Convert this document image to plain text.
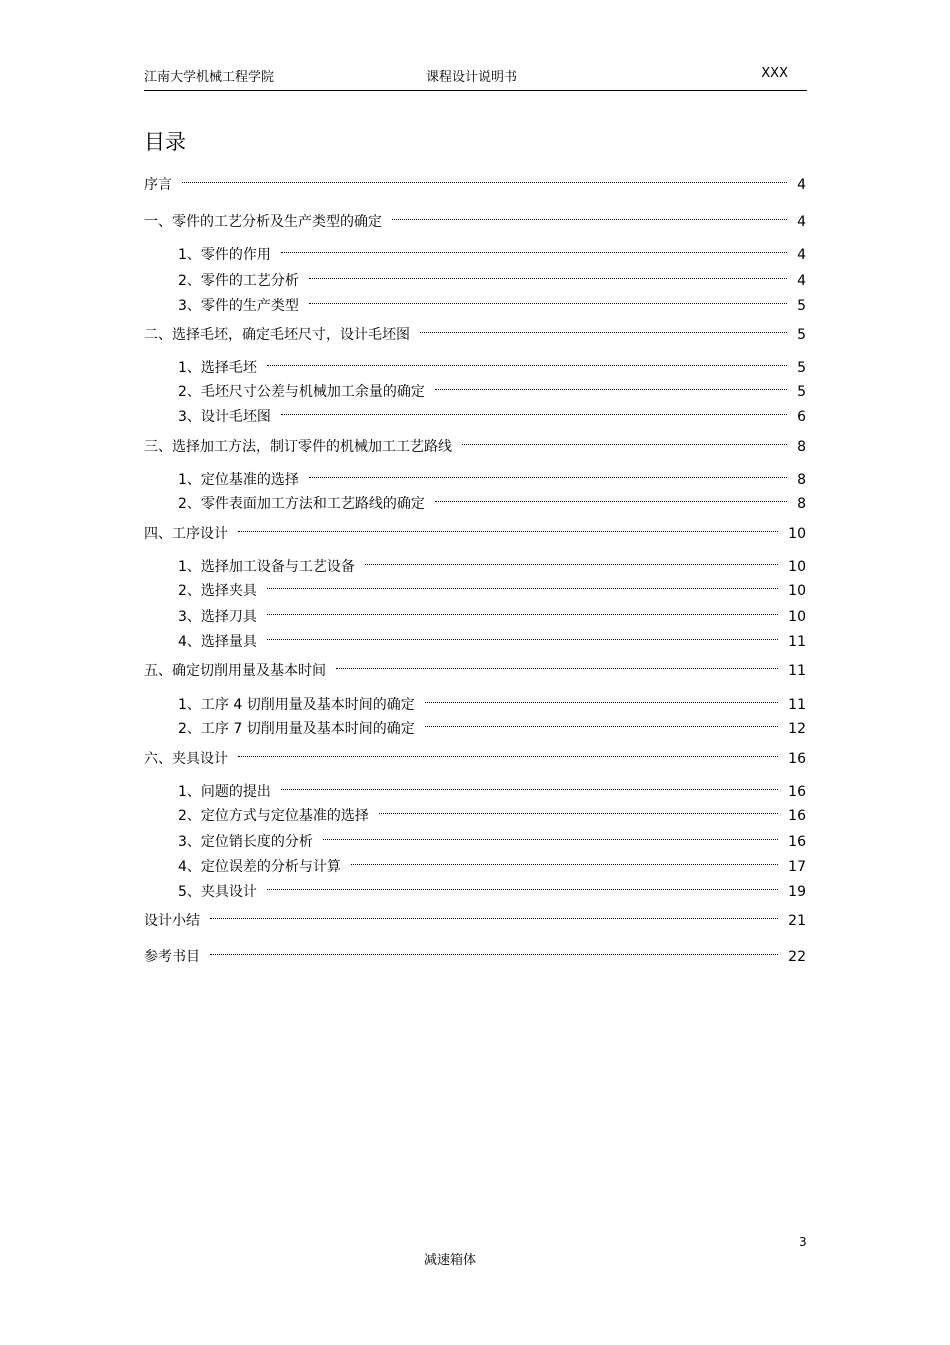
江南大学机械工程学院	课程设计说明书	XXX
目录
序言	4
一、零件的工艺分析及生产类型的确定	4
1、零件的作用	4
2、零件的工艺分析	4
3、零件的生产类型	5
二、选择毛坯，确定毛坯尺寸，设计毛坯图	5
1、选择毛坯	5
2、毛坯尺寸公差与机械加工余量的确定	5
3、设计毛坯图	6
三、选择加工方法，制订零件的机械加工工艺路线	8
1、定位基准的选择	8
2、零件表面加工方法和工艺路线的确定	8
四、工序设计	10
1、选择加工设备与工艺设备	10
2、选择夹具	10
3、选择刀具	10
4、选择量具	11
五、确定切削用量及基本时间	11
1、工序 4 切削用量及基本时间的确定	11
2、工序 7 切削用量及基本时间的确定	12
六、夹具设计	16
1、问题的提出	16
2、定位方式与定位基准的选择	16
3、定位销长度的分析	16
4、定位误差的分析与计算	17
5、夹具设计	19
设计小结	21
参考书目	22
3
减速箱体
